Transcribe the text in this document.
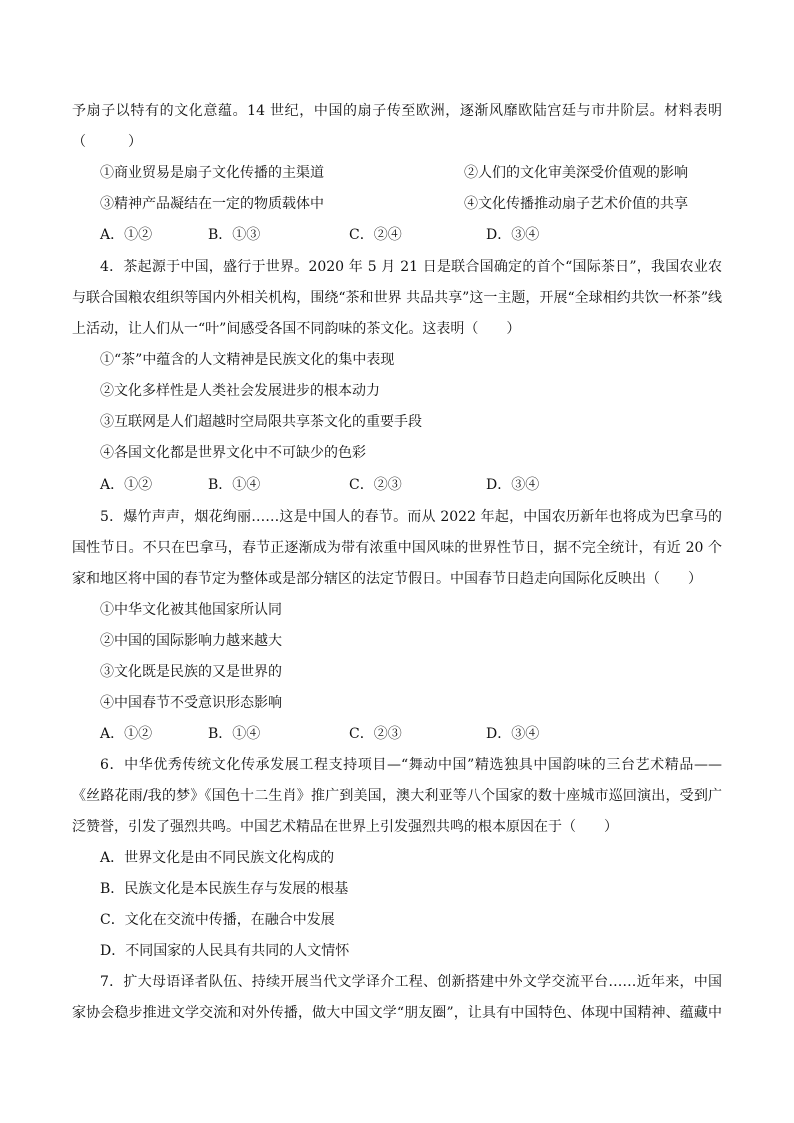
予扇子以特有的文化意蕴。14 世纪，中国的扇子传至欧洲，逐渐风靡欧陆宫廷与市井阶层。材料表明
（　　　）
①商业贸易是扇子文化传播的主渠道	②人们的文化审美深受价值观的影响
③精神产品凝结在一定的物质载体中	④文化传播推动扇子艺术价值的共享
A．①②	B．①③	C．②④	D．③④
4．茶起源于中国，盛行于世界。2020 年 5 月 21 日是联合国确定的首个“国际茶日”，我国农业农
与联合国粮农组织等国内外相关机构，围绕“茶和世界 共品共享”这一主题，开展“全球相约共饮一杯茶”线
上活动，让人们从一“叶”间感受各国不同韵味的茶文化。这表明（　　）
①“茶”中蕴含的人文精神是民族文化的集中表现
②文化多样性是人类社会发展进步的根本动力
③互联网是人们超越时空局限共享茶文化的重要手段
④各国文化都是世界文化中不可缺少的色彩
A．①②	B．①④	C．②③	D．③④
5．爆竹声声，烟花绚丽……这是中国人的春节。而从 2022 年起，中国农历新年也将成为巴拿马的
国性节日。不只在巴拿马，春节正逐渐成为带有浓重中国风味的世界性节日，据不完全统计，有近 20 个
家和地区将中国的春节定为整体或是部分辖区的法定节假日。中国春节日趋走向国际化反映出（　　）
①中华文化被其他国家所认同
②中国的国际影响力越来越大
③文化既是民族的又是世界的
④中国春节不受意识形态影响
A．①②	B．①④	C．②③	D．③④
6．中华优秀传统文化传承发展工程支持项目—“舞动中国”精选独具中国韵味的三台艺术精品——
《丝路花雨/我的梦》《国色十二生肖》推广到美国，澳大利亚等八个国家的数十座城市巡回演出，受到广
泛赞誉，引发了强烈共鸣。中国艺术精品在世界上引发强烈共鸣的根本原因在于（　　）
A．世界文化是由不同民族文化构成的
B．民族文化是本民族生存与发展的根基
C．文化在交流中传播，在融合中发展
D．不同国家的人民具有共同的人文情怀
7．扩大母语译者队伍、持续开展当代文学译介工程、创新搭建中外文学交流平台……近年来，中国
家协会稳步推进文学交流和对外传播，做大中国文学“朋友圈”，让具有中国特色、体现中国精神、蕴藏中
